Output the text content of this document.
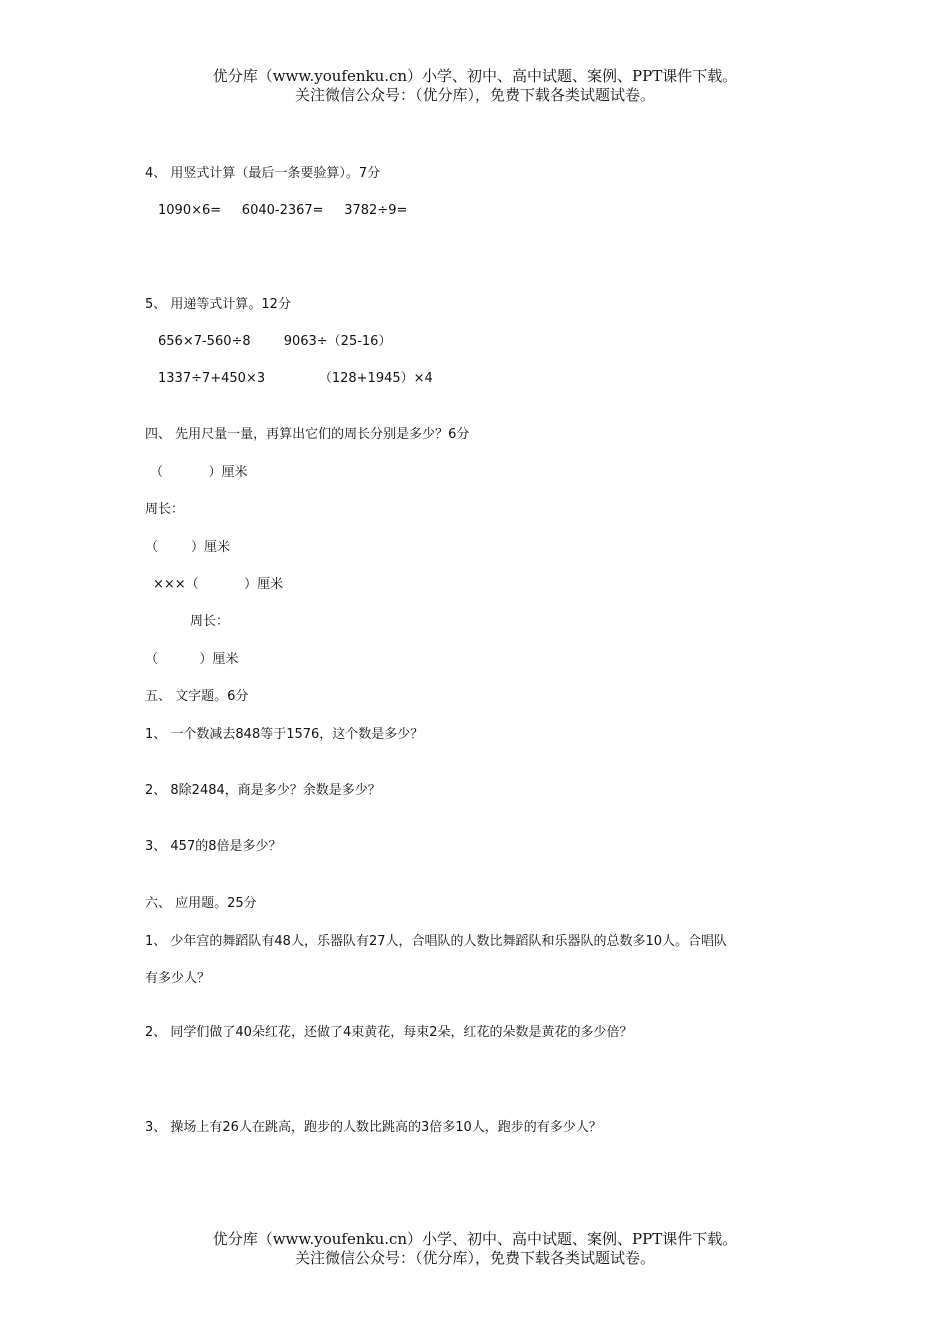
优分库（www.youfenku.cn）小学、初中、高中试题、案例、PPT课件下载。
关注微信公众号：（优分库），免费下载各类试题试卷。
4、 用竖式计算（最后一条要验算）。7分
1090×6=     6040-2367=     3782÷9=
5、 用递等式计算。12分
656×7-560÷8        9063÷（25-16）
1337÷7+450×3             （128+1945）×4
四、 先用尺量一量，再算出它们的周长分别是多少？6分
（           ）厘米
周长：
（        ）厘米
×××（           ）厘米
周长：
（          ）厘米
五、 文字题。6分
1、 一个数减去848等于1576，这个数是多少？
2、 8除2484，商是多少？余数是多少？
3、 457的8倍是多少？
六、 应用题。25分
1、 少年宫的舞蹈队有48人，乐器队有27人，合唱队的人数比舞蹈队和乐器队的总数多10人。合唱队
有多少人？
2、 同学们做了40朵红花，还做了4束黄花，每束2朵，红花的朵数是黄花的多少倍？
3、 操场上有26人在跳高，跑步的人数比跳高的3倍多10人，跑步的有多少人？
优分库（www.youfenku.cn）小学、初中、高中试题、案例、PPT课件下载。
关注微信公众号：（优分库），免费下载各类试题试卷。
